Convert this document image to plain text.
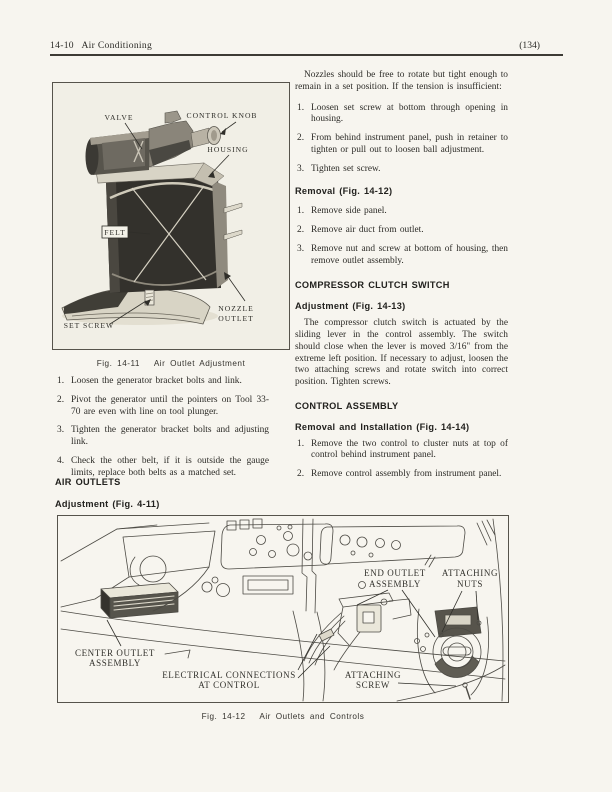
14-10   Air Conditioning	(134)
VALVE	CONTROL KNOB
HOUSING
FELT
NOZZLE
OUTLET
SET SCREW
Fig. 14-11   Air Outlet Adjustment
1. Loosen the generator bracket bolts and link.
2. Pivot the generator until the pointers on Tool 33-70 are even with line on tool plunger.
3. Tighten the generator bracket bolts and adjusting link.
4. Check the other belt, if it is outside the gauge limits, replace both belts as a matched set.
AIR OUTLETS
Adjustment (Fig. 4-11)

Nozzles should be free to rotate but tight enough to remain in a set position. If the tension is insufficient:

1. Loosen set screw at bottom through opening in housing.
2. From behind instrument panel, push in retainer to tighten or pull out to loosen ball adjustment.
3. Tighten set screw.
Removal (Fig. 14-12)
1. Remove side panel.
2. Remove air duct from outlet.
3. Remove nut and screw at bottom of housing, then remove outlet assembly.
COMPRESSOR CLUTCH SWITCH
Adjustment (Fig. 14-13)

The compressor clutch switch is actuated by the sliding lever in the control assembly. The switch should close when the lever is moved 3/16" from the extreme left position. If necessary to adjust, loosen the two attaching screws and rotate switch into correct position. Tighten screws.

CONTROL ASSEMBLY
Removal and Installation (Fig. 14-14)
1. Remove the two control to cluster nuts at top of control behind instrument panel.
2. Remove control assembly from instrument panel.
END OUTLET
ASSEMBLY
ATTACHING
NUTS
CENTER OUTLET
ASSEMBLY
ELECTRICAL CONNECTIONS
AT CONTROL
ATTACHING
SCREW
Fig. 14-12   Air Outlets and Controls
